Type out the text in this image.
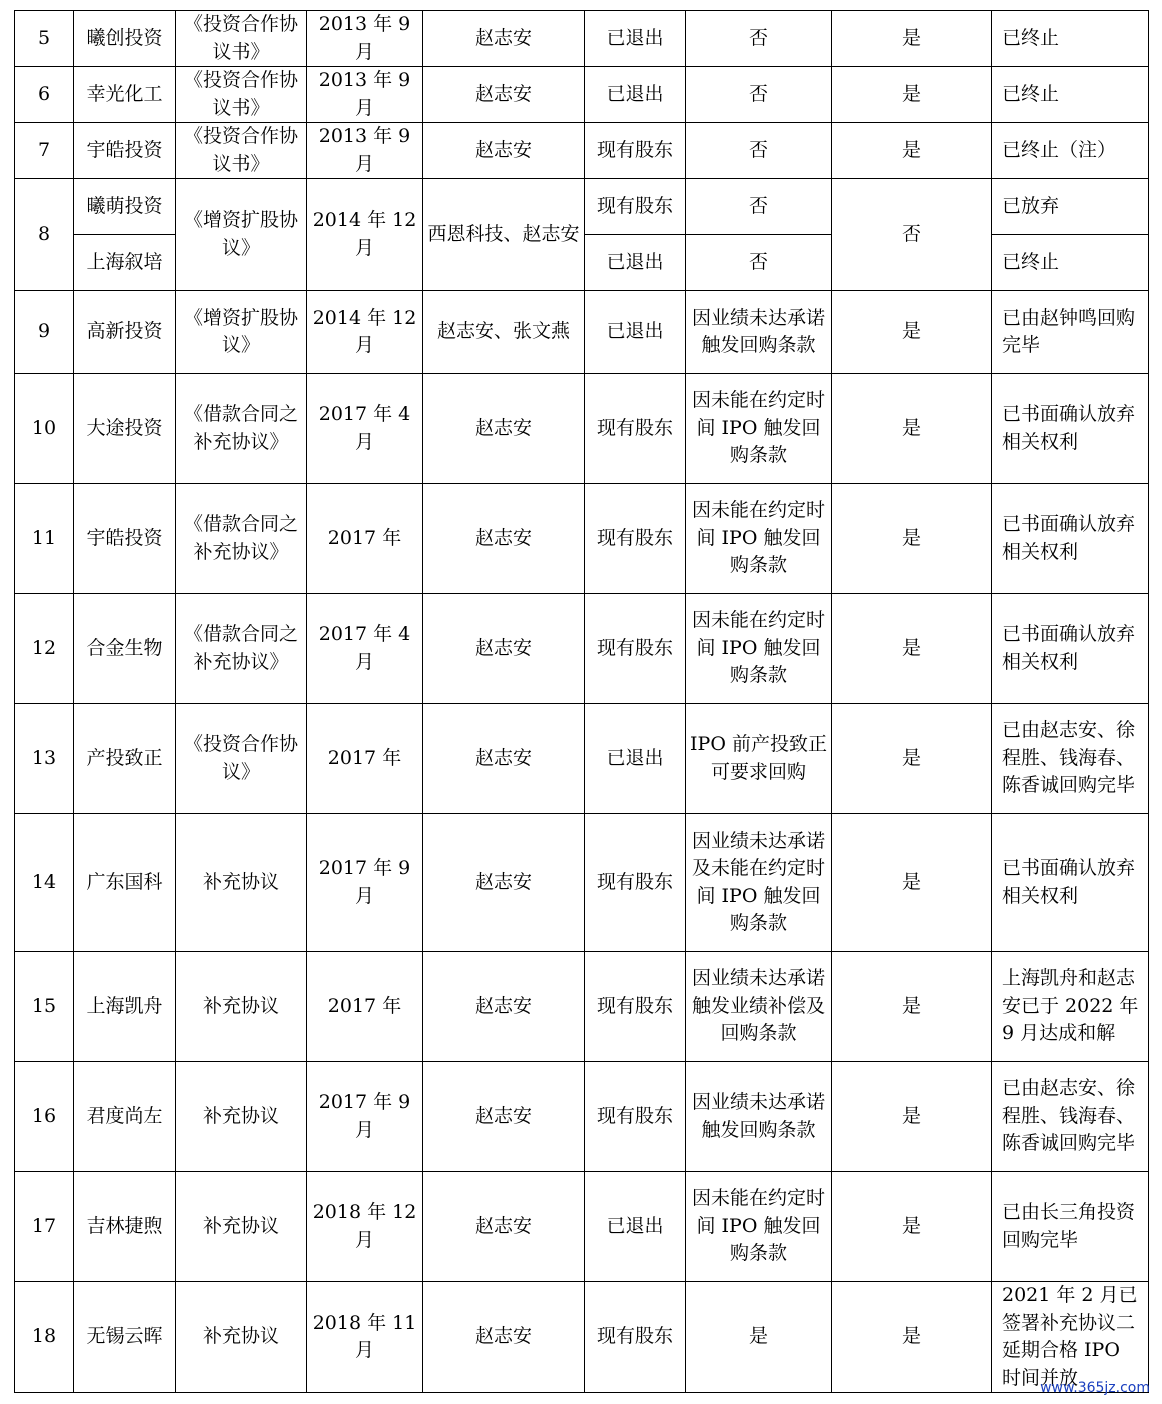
5	曦创投资	《投资合作协议书》	2013 年 9 月	赵志安	已退出	否	是	已终止
6	幸光化工	《投资合作协议书》	2013 年 9 月	赵志安	已退出	否	是	已终止
7	宇皓投资	《投资合作协议书》	2013 年 9 月	赵志安	现有股东	否	是	已终止（注）
8	曦萌投资	《增资扩股协议》	2014 年 12 月	西恩科技、赵志安	现有股东	否	否	已放弃
	上海叙培				已退出	否		已终止
9	高新投资	《增资扩股协议》	2014 年 12 月	赵志安、张文燕	已退出	因业绩未达承诺触发回购条款	是	已由赵钟鸣回购完毕
10	大途投资	《借款合同之补充协议》	2017 年 4 月	赵志安	现有股东	因未能在约定时间 IPO 触发回购条款	是	已书面确认放弃相关权利
11	宇皓投资	《借款合同之补充协议》	2017 年	赵志安	现有股东	因未能在约定时间 IPO 触发回购条款	是	已书面确认放弃相关权利
12	合金生物	《借款合同之补充协议》	2017 年 4 月	赵志安	现有股东	因未能在约定时间 IPO 触发回购条款	是	已书面确认放弃相关权利
13	产投致正	《投资合作协议》	2017 年	赵志安	已退出	IPO 前产投致正可要求回购	是	已由赵志安、徐程胜、钱海春、陈香诚回购完毕
14	广东国科	补充协议	2017 年 9 月	赵志安	现有股东	因业绩未达承诺及未能在约定时间 IPO 触发回购条款	是	已书面确认放弃相关权利
15	上海凯舟	补充协议	2017 年	赵志安	现有股东	因业绩未达承诺触发业绩补偿及回购条款	是	上海凯舟和赵志安已于 2022 年 9 月达成和解
16	君度尚左	补充协议	2017 年 9 月	赵志安	现有股东	因业绩未达承诺触发回购条款	是	已由赵志安、徐程胜、钱海春、陈香诚回购完毕
17	吉林捷煦	补充协议	2018 年 12 月	赵志安	已退出	因未能在约定时间 IPO 触发回购条款	是	已由长三角投资回购完毕
18	无锡云晖	补充协议	2018 年 11 月	赵志安	现有股东	是	是	2021 年 2 月已签署补充协议二延期合格 IPO 时间并放
www.365jz.com
